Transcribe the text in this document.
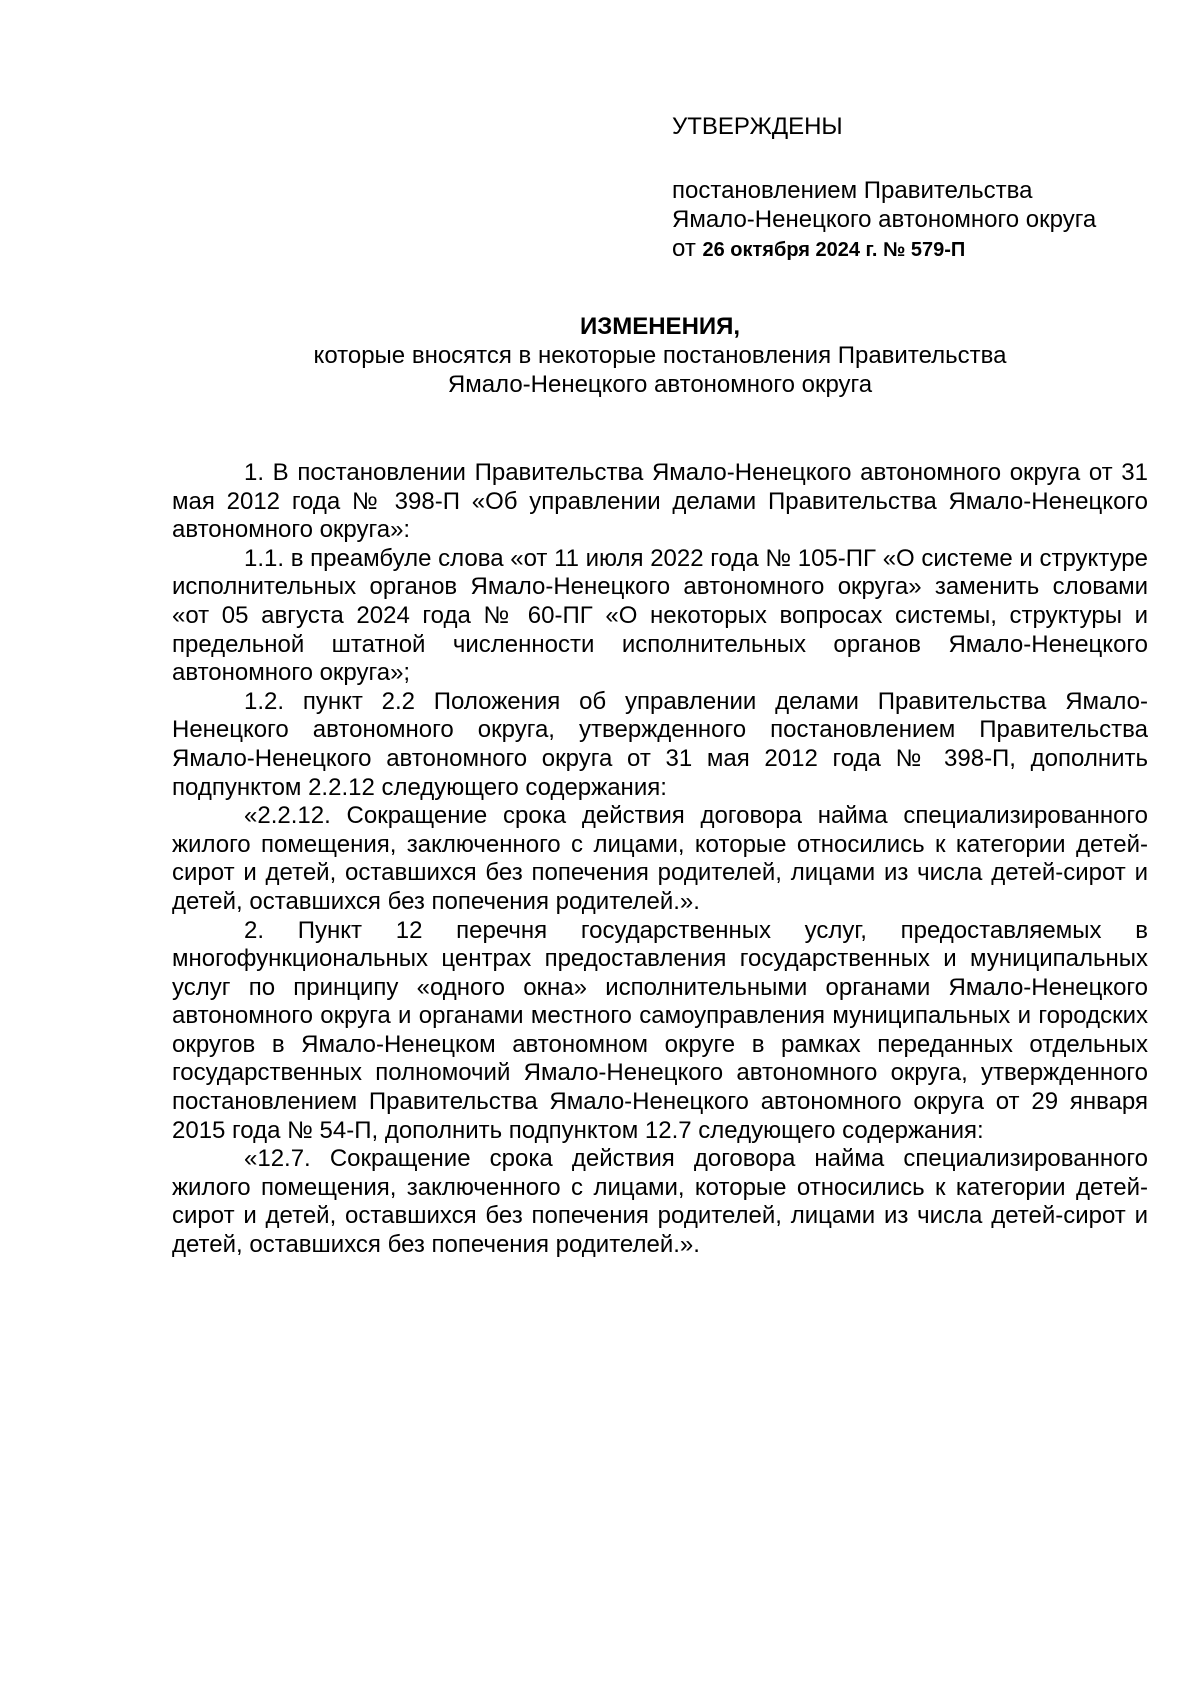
УТВЕРЖДЕНЫ

постановлением Правительства

Ямало-Ненецкого автономного округа

от 26 октября 2024 г. № 579-П

ИЗМЕНЕНИЯ,

которые вносятся в некоторые постановления Правительства

Ямало-Ненецкого автономного округа

1. В постановлении Правительства Ямало-Ненецкого автономного округа от 31 мая 2012 года № 398-П «Об управлении делами Правительства Ямало-Ненецкого автономного округа»:

1.1. в преамбуле слова «от 11 июля 2022 года № 105-ПГ «О системе и структуре исполнительных органов Ямало-Ненецкого автономного округа» заменить словами «от 05 августа 2024 года № 60-ПГ «О некоторых вопросах системы, структуры и предельной штатной численности исполнительных органов Ямало-Ненецкого автономного округа»;

1.2. пункт 2.2 Положения об управлении делами Правительства Ямало-Ненецкого автономного округа, утвержденного постановлением Правительства Ямало-Ненецкого автономного округа от 31 мая 2012 года № 398-П, дополнить подпунктом 2.2.12 следующего содержания:

«2.2.12. Сокращение срока действия договора найма специализированного жилого помещения, заключенного с лицами, которые относились к категории детей-сирот и детей, оставшихся без попечения родителей, лицами из числа детей-сирот и детей, оставшихся без попечения родителей.».

2. Пункт 12 перечня государственных услуг, предоставляемых в многофункциональных центрах предоставления государственных и муниципальных услуг по принципу «одного окна» исполнительными органами Ямало-Ненецкого автономного округа и органами местного самоуправления муниципальных и городских округов в Ямало-Ненецком автономном округе в рамках переданных отдельных государственных полномочий Ямало-Ненецкого автономного округа, утвержденного постановлением Правительства Ямало-Ненецкого автономного округа от 29 января 2015 года № 54-П, дополнить подпунктом 12.7 следующего содержания:

«12.7. Сокращение срока действия договора найма специализированного жилого помещения, заключенного с лицами, которые относились к категории детей-сирот и детей, оставшихся без попечения родителей, лицами из числа детей-сирот и детей, оставшихся без попечения родителей.».
